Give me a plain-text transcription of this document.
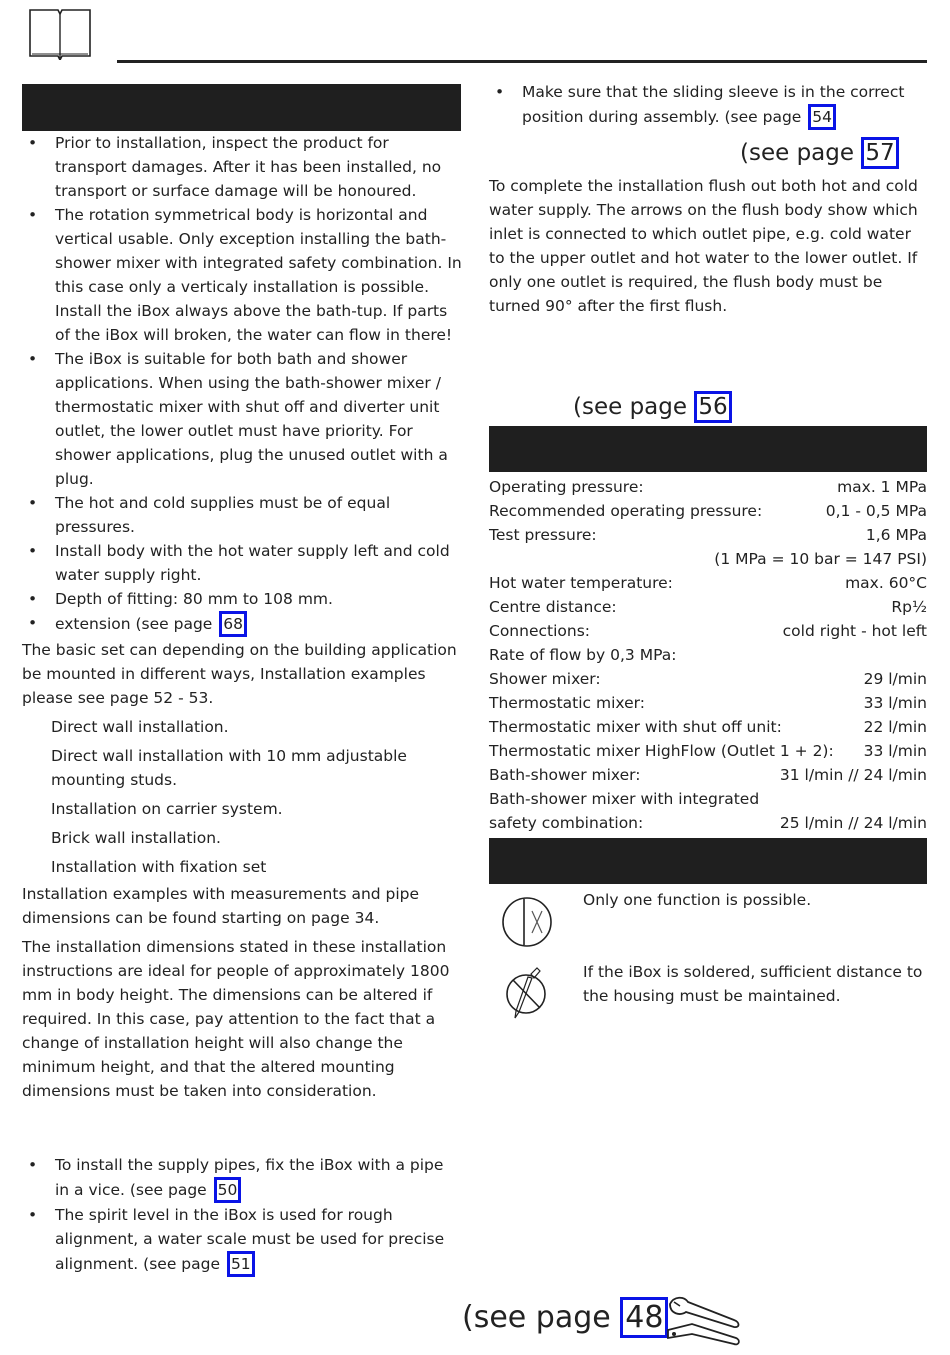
• Prior to installation, inspect the product for transport damages. After it has been installed, no transport or surface damage will be honoured.
• The rotation symmetrical body is horizontal and vertical usable. Only exception installing the bath-shower mixer with integrated safety combination. In this case only a verticaly installation is possible. Install the iBox always above the bath-tup. If parts of the iBox will broken, the water can flow in there!
• The iBox is suitable for both bath and shower applications. When using the bath-shower mixer / thermostatic mixer with shut off and diverter unit outlet, the lower outlet must have priority. For shower applications, plug the unused outlet with a plug.
• The hot and cold supplies must be of equal pressures.
• Install body with the hot water supply left and cold water supply right.
• Depth of fitting: 80 mm to 108 mm.
• extension (see page 68

The basic set can depending on the building application be mounted in different ways, Installation examples please see page 52 - 53.

Direct wall installation.
Direct wall installation with 10 mm adjustable
mounting studs.
Installation on carrier system.
Brick wall installation.
Installation with fixation set

Installation examples with measurements and pipe dimensions can be found starting on page 34.

The installation dimensions stated in these installation instructions are ideal for people of approximately 1800 mm in body height. The dimensions can be altered if required. In this case, pay attention to the fact that a change of installation height will also change the minimum height, and that the altered mounting dimensions must be taken into consideration.

• To install the supply pipes, fix the iBox with a pipe in a vice. (see page 50
• The spirit level in the iBox is used for rough alignment, a water scale must be used for precise alignment. (see page 51
• Make sure that the sliding sleeve is in the correct position during assembly. (see page 54
(see page 57

To complete the installation flush out both hot and cold water supply. The arrows on the flush body show which inlet is connected to which outlet pipe, e.g. cold water to the upper outlet and hot water to the lower outlet. If only one outlet is required, the flush body must be turned 90° after the first flush.

(see page 56
Operating pressure:	max. 1 MPa
Recommended operating pressure:	0,1 - 0,5 MPa
Test pressure:	1,6 MPa
(1 MPa = 10 bar = 147 PSI)
Hot water temperature:	max. 60°C
Centre distance:	Rp½
Connections:	cold right - hot left
Rate of flow by 0,3 MPa:
Shower mixer:	29 l/min
Thermostatic mixer:	33 l/min
Thermostatic mixer with shut off unit:	22 l/min
Thermostatic mixer HighFlow (Outlet 1 + 2): 33 l/min
Bath-shower mixer:	31 l/min // 24 l/min
Bath-shower mixer with integrated
safety combination:	25 l/min // 24 l/min

Only one function is possible.

If the iBox is soldered, sufficient distance to the housing must be maintained.

(see page 48
